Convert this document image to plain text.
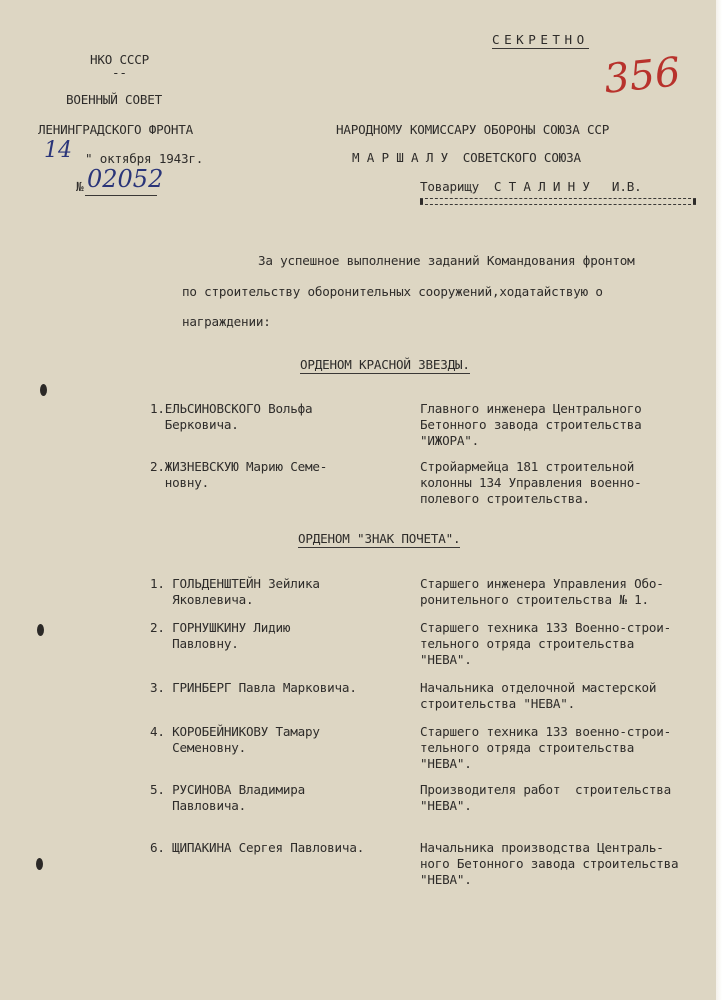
СЕКРЕТНО
356
НКО СССР
--
ВОЕННЫЙ СОВЕТ
ЛЕНИНГРАДСКОГО ФРОНТА
14 " октября 1943г.
№ 02052
НАРОДНОМУ КОМИССАРУ ОБОРОНЫ СОЮЗА ССР
М А Р Ш А Л У  СОВЕТСКОГО СОЮЗА
Товарищу  С Т А Л И Н У   И.В.
За успешное выполнение заданий Командования фронтом
по строительству оборонительных сооружений,ходатайствую о
награждении:
ОРДЕНОМ КРАСНОЙ ЗВЕЗДЫ.
1.ЕЛЬСИНОВСКОГО Вольфа
Берковича.
Главного инженера Центрального
Бетонного завода строительства
"ИЖОРА".
2.ЖИЗНЕВСКУЮ Марию Семе-
новну.
Стройармейца 181 строительной
колонны 134 Управления военно-
полевого строительства.
ОРДЕНОМ "ЗНАК ПОЧЕТА".
1. ГОЛЬДЕНШТЕЙН Зейлика
Яковлевича.
Старшего инженера Управления Обо-
ронительного строительства № 1.
2. ГОРНУШКИНУ Лидию
Павловну.
Старшего техника 133 Военно-строи-
тельного отряда строительства
"НЕВА".
3. ГРИНБЕРГ Павла Марковича.	Начальника отделочной мастерской
строительства "НЕВА".
4. КОРОБЕЙНИКОВУ Тамару
Семеновну.
Старшего техника 133 военно-строи-
тельного отряда строительства
"НЕВА".
5. РУСИНОВА Владимира
Павловича.
Производителя работ  строительства
"НЕВА".
6. ЩИПАКИНА Сергея Павловича.	Начальника производства Централь-
ного Бетонного завода строительства
"НЕВА".
